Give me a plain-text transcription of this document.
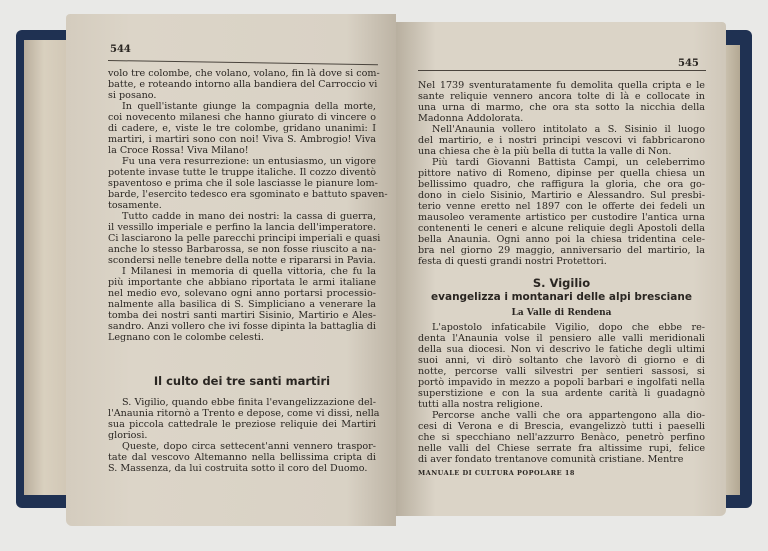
544
volo tre colombe, che volano, volano, fin là dove si com-
batte, e roteando intorno alla bandiera del Carroccio vi
si posano.
In quell'istante giunge la compagnia della morte,
coi novecento milanesi che hanno giurato di vincere o
di cadere, e, viste le tre colombe, gridano unanimi: I
martiri, i martiri sono con noi! Viva S. Ambrogio! Viva
la Croce Rossa! Viva Milano!
Fu una vera resurrezione: un entusiasmo, un vigore
potente invase tutte le truppe italiche. Il cozzo diventò
spaventoso e prima che il sole lasciasse le pianure lom-
barde, l'esercito tedesco era sgominato e battuto spaven-
tosamente.
Tutto cadde in mano dei nostri: la cassa di guerra,
il vessillo imperiale e perfino la lancia dell'imperatore.
Ci lasciarono la pelle parecchi principi imperiali e quasi
anche lo stesso Barbarossa, se non fosse riuscito a na-
scondersi nelle tenebre della notte e ripararsi in Pavia.
I Milanesi in memoria di quella vittoria, che fu la
più importante che abbiano riportata le armi italiane
nel medio evo, solevano ogni anno portarsi processio-
nalmente alla basilica di S. Simpliciano a venerare la
tomba dei nostri santi martiri Sisinio, Martirio e Ales-
sandro. Anzi vollero che ivi fosse dipinta la battaglia di
Legnano con le colombe celesti.
Il culto dei tre santi martiri
S. Vigilio, quando ebbe finita l'evangelizzazione del-
l'Anaunia ritornò a Trento e depose, come vi dissi, nella
sua piccola cattedrale le preziose reliquie dei Martiri
gloriosi.
Queste, dopo circa settecent'anni vennero traspor-
tate dal vescovo Altemanno nella bellissima cripta di
S. Massenza, da lui costruita sotto il coro del Duomo.
545
Nel 1739 sventuratamente fu demolita quella cripta e le
sante reliquie vennero ancora tolte di là e collocate in
una urna di marmo, che ora sta sotto la nicchia della
Madonna Addolorata.
Nell'Anaunia vollero intitolato a S. Sisinio il luogo
del martirio, e i nostri principi vescovi vi fabbricarono
una chiesa che è la più bella di tutta la valle di Non.
Più tardi Giovanni Battista Campi, un celeberrimo
pittore nativo di Romeno, dipinse per quella chiesa un
bellissimo quadro, che raffigura la gloria, che ora go-
dono in cielo Sisinio, Martirio e Alessandro. Sul presbi-
terio venne eretto nel 1897 con le offerte dei fedeli un
mausoleo veramente artistico per custodire l'antica urna
contenenti le ceneri e alcune reliquie degli Apostoli della
bella Anaunia. Ogni anno poi la chiesa tridentina cele-
bra nel giorno 29 maggio, anniversario del martirio, la
festa di questi grandi nostri Protettori.
S. Vigilio
evangelizza i montanari delle alpi bresciane
La Valle di Rendena
L'apostolo infaticabile Vigilio, dopo che ebbe re-
denta l'Anaunia volse il pensiero alle valli meridionali
della sua diocesi. Non vi descrivo le fatiche degli ultimi
suoi anni, vi dirò soltanto che lavorò di giorno e di
notte, percorse valli silvestri per sentieri sassosi, si
portò impavido in mezzo a popoli barbari e ingolfati nella
superstizione e con la sua ardente carità li guadagnò
tutti alla nostra religione.
Percorse anche valli che ora appartengono alla dio-
cesi di Verona e di Brescia, evangelizzò tutti i paeselli
che si specchiano nell'azzurro Benàco, penetrò perfino
nelle valli del Chiese serrate fra altissime rupi, felice
di aver fondato trentanove comunità cristiane. Mentre
MANUALE DI CULTURA POPOLARE 18
